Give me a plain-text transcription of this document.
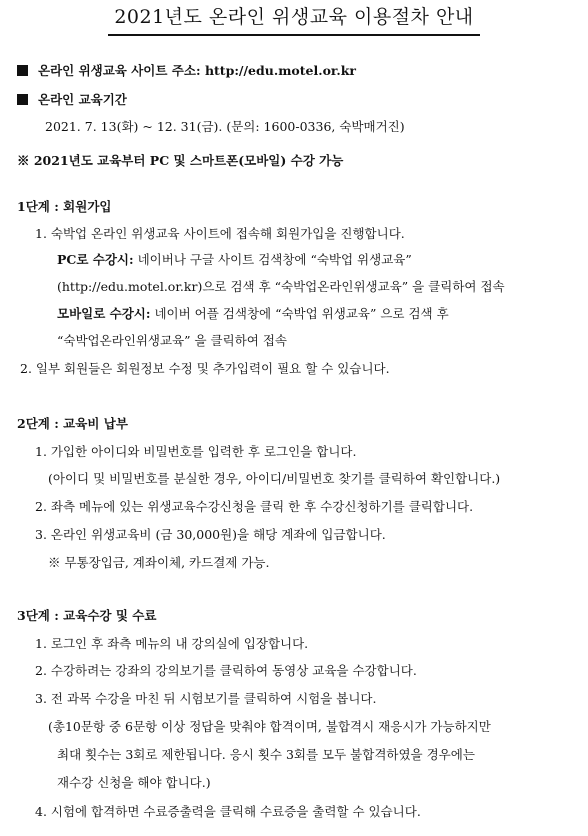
2021년도 온라인 위생교육 이용절차 안내
온라인 위생교육 사이트 주소: http://edu.motel.or.kr
온라인 교육기간
2021. 7. 13(화) ~ 12. 31(금). (문의: 1600-0336, 숙박매거진)
※ 2021년도 교육부터 PC 및 스마트폰(모바일) 수강 가능
1단계 : 회원가입
1. 숙박업 온라인 위생교육 사이트에 접속해 회원가입을 진행합니다.
PC로 수강시: 네이버나 구글 사이트 검색창에 “숙박업 위생교육”
(http://edu.motel.or.kr)으로 검색 후 “숙박업온라인위생교육” 을 클릭하여 접속
모바일로 수강시: 네이버 어플 검색창에 “숙박업 위생교육” 으로 검색 후
“숙박업온라인위생교육” 을 클릭하여 접속
2. 일부 회원들은 회원정보 수정 및 추가입력이 필요 할 수 있습니다.
2단계 : 교육비 납부
1. 가입한 아이디와 비밀번호를 입력한 후 로그인을 합니다.
(아이디 및 비밀번호를 분실한 경우, 아이디/비밀번호 찾기를 클릭하여 확인합니다.)
2. 좌측 메뉴에 있는 위생교육수강신청을 클릭 한 후 수강신청하기를 클릭합니다.
3. 온라인 위생교육비 (금 30,000원)을 해당 계좌에 입금합니다.
※ 무통장입금, 계좌이체, 카드결제 가능.
3단계 : 교육수강 및 수료
1. 로그인 후 좌측 메뉴의 내 강의실에 입장합니다.
2. 수강하려는 강좌의 강의보기를 클릭하여 동영상 교육을 수강합니다.
3. 전 과목 수강을 마친 뒤 시험보기를 클릭하여 시험을 봅니다.
(총10문항 중 6문항 이상 정답을 맞춰야 합격이며, 불합격시 재응시가 가능하지만
최대 횟수는 3회로 제한됩니다. 응시 횟수 3회를 모두 불합격하였을 경우에는
재수강 신청을 해야 합니다.)
4. 시험에 합격하면 수료증출력을 클릭해 수료증을 출력할 수 있습니다.
